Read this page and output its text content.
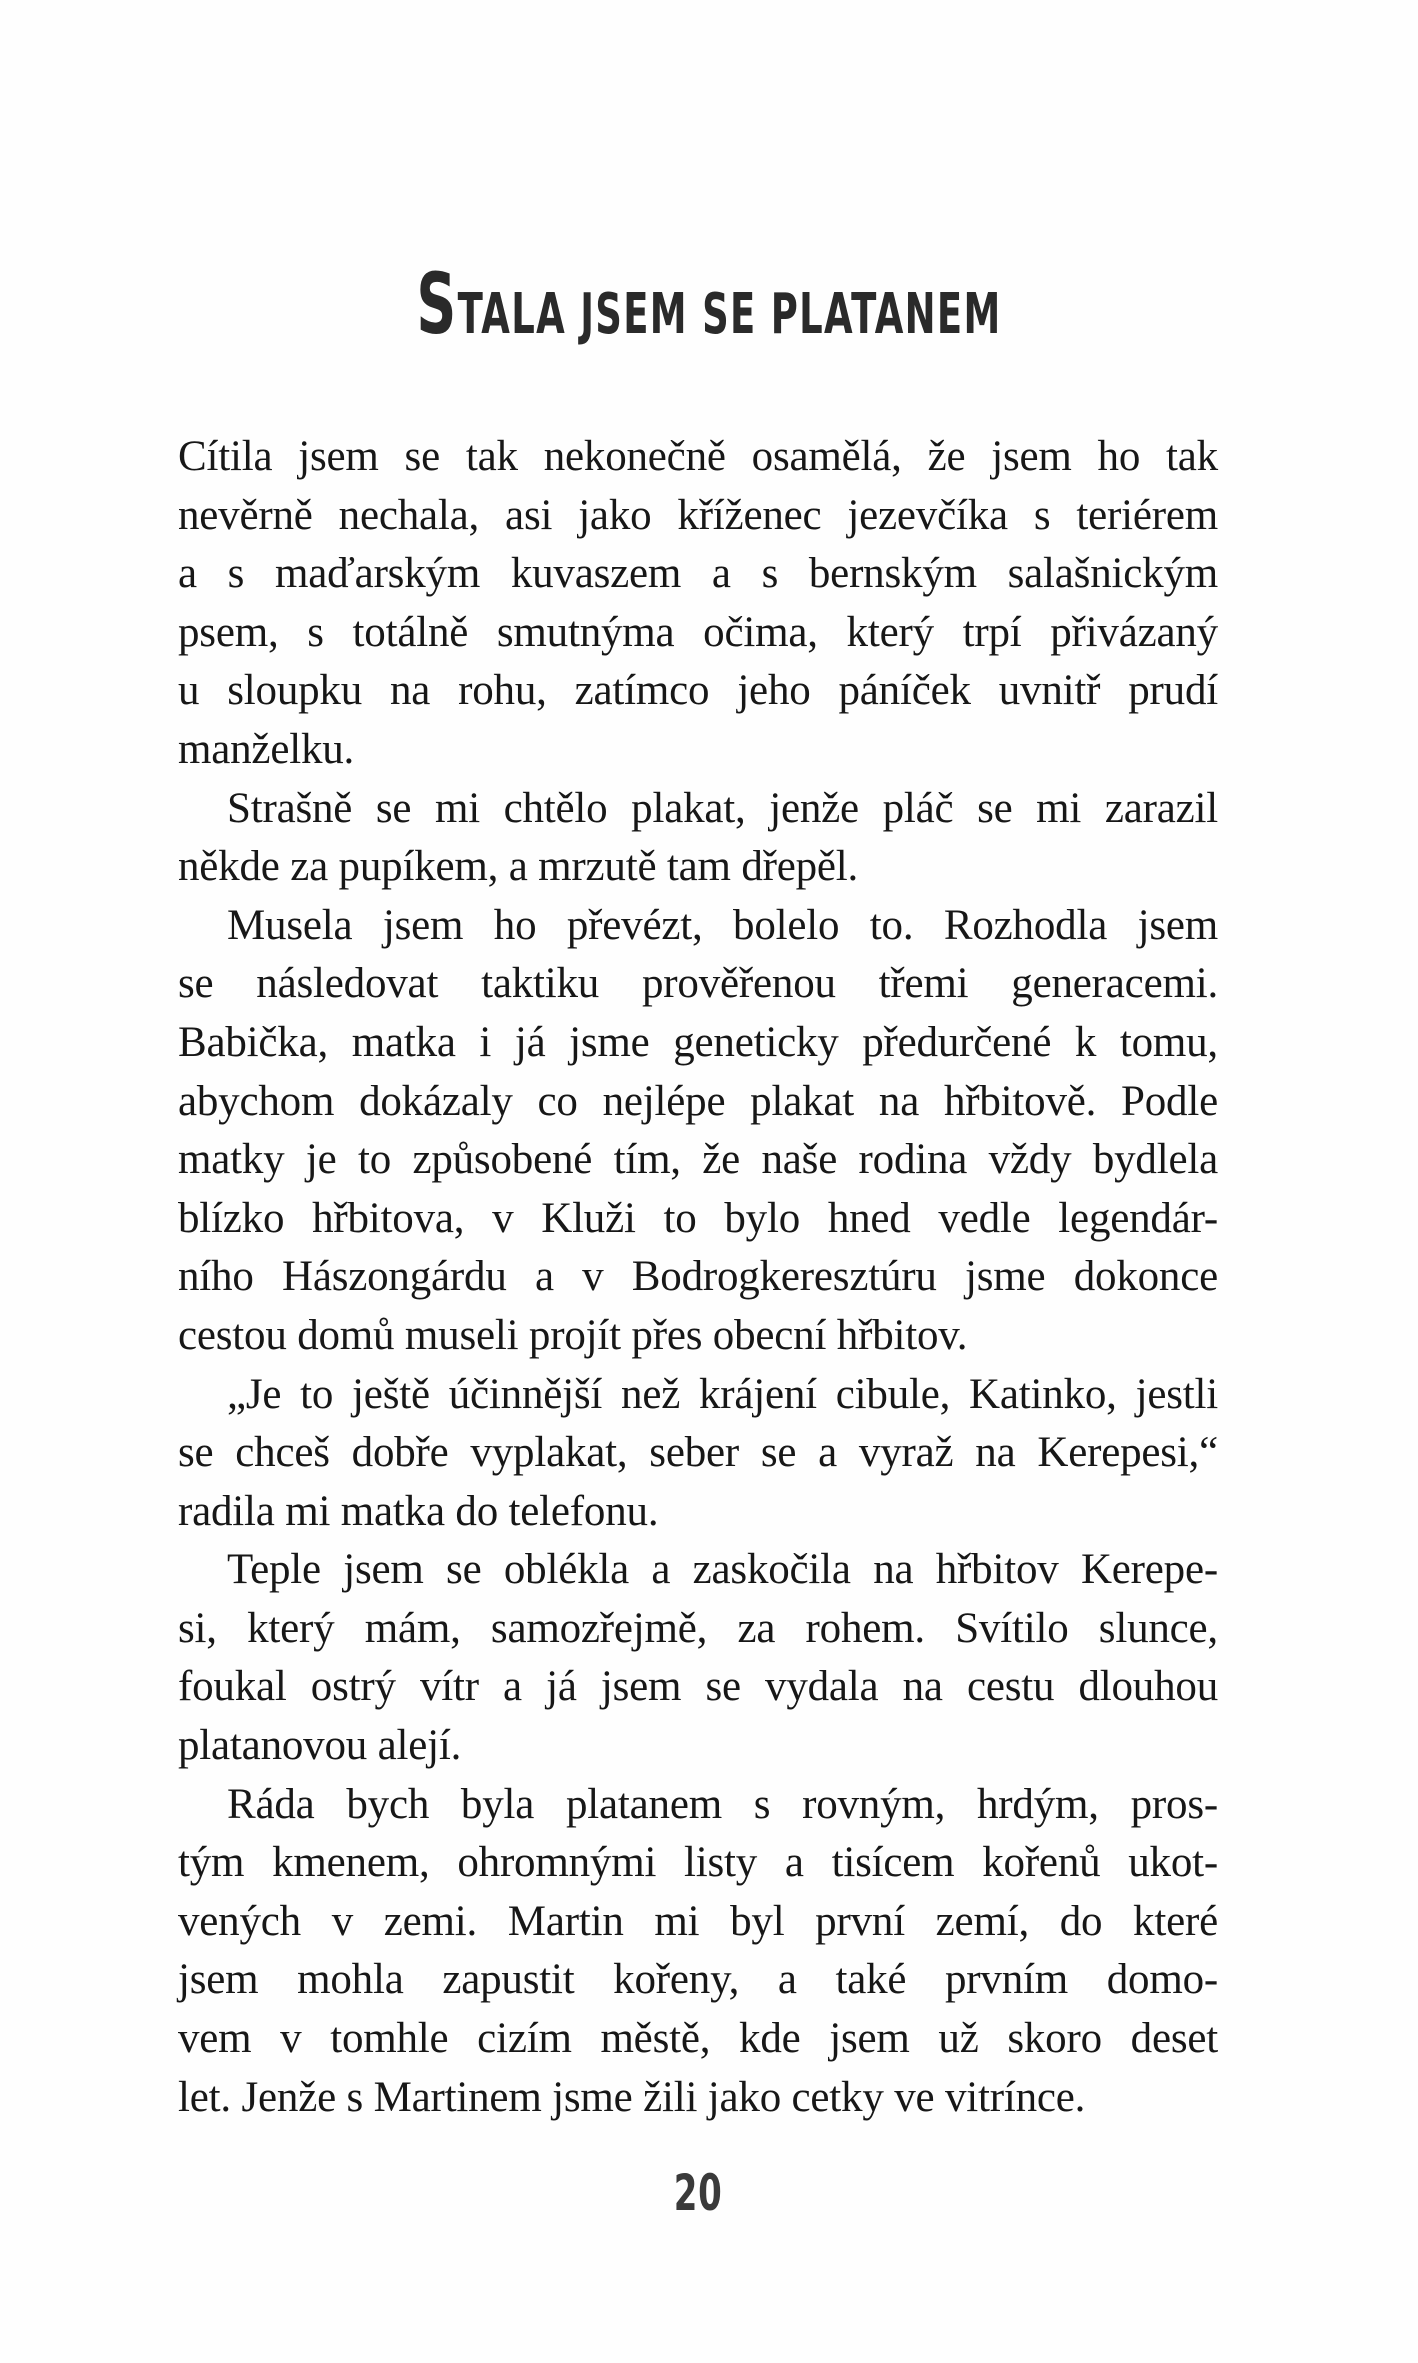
STALA JSEM SE PLATANEM
Cítila jsem se tak nekonečně osamělá, že jsem ho tak
nevěrně nechala, asi jako kříženec jezevčíka s teriérem
a s maďarským kuvaszem a s bernským salašnickým
psem, s totálně smutnýma očima, který trpí přivázaný
u sloupku na rohu, zatímco jeho páníček uvnitř prudí
manželku.
Strašně se mi chtělo plakat, jenže pláč se mi zarazil
někde za pupíkem, a mrzutě tam dřepěl.
Musela jsem ho převézt, bolelo to. Rozhodla jsem
se následovat taktiku prověřenou třemi generacemi.
Babička, matka i já jsme geneticky předurčené k tomu,
abychom dokázaly co nejlépe plakat na hřbitově. Podle
matky je to způsobené tím, že naše rodina vždy bydlela
blízko hřbitova, v Kluži to bylo hned vedle legendár-
ního Hászongárdu a v Bodrogkeresztúru jsme dokonce
cestou domů museli projít přes obecní hřbitov.
„Je to ještě účinnější než krájení cibule, Katinko, jestli
se chceš dobře vyplakat, seber se a vyraž na Kerepesi,“
radila mi matka do telefonu.
Teple jsem se oblékla a zaskočila na hřbitov Kerepe-
si, který mám, samozřejmě, za rohem. Svítilo slunce,
foukal ostrý vítr a já jsem se vydala na cestu dlouhou
platanovou alejí.
Ráda bych byla platanem s rovným, hrdým, pros-
tým kmenem, ohromnými listy a tisícem kořenů ukot-
vených v zemi. Martin mi byl první zemí, do které
jsem mohla zapustit kořeny, a také prvním domo-
vem v tomhle cizím městě, kde jsem už skoro deset
let. Jenže s Martinem jsme žili jako cetky ve vitrínce.
20
